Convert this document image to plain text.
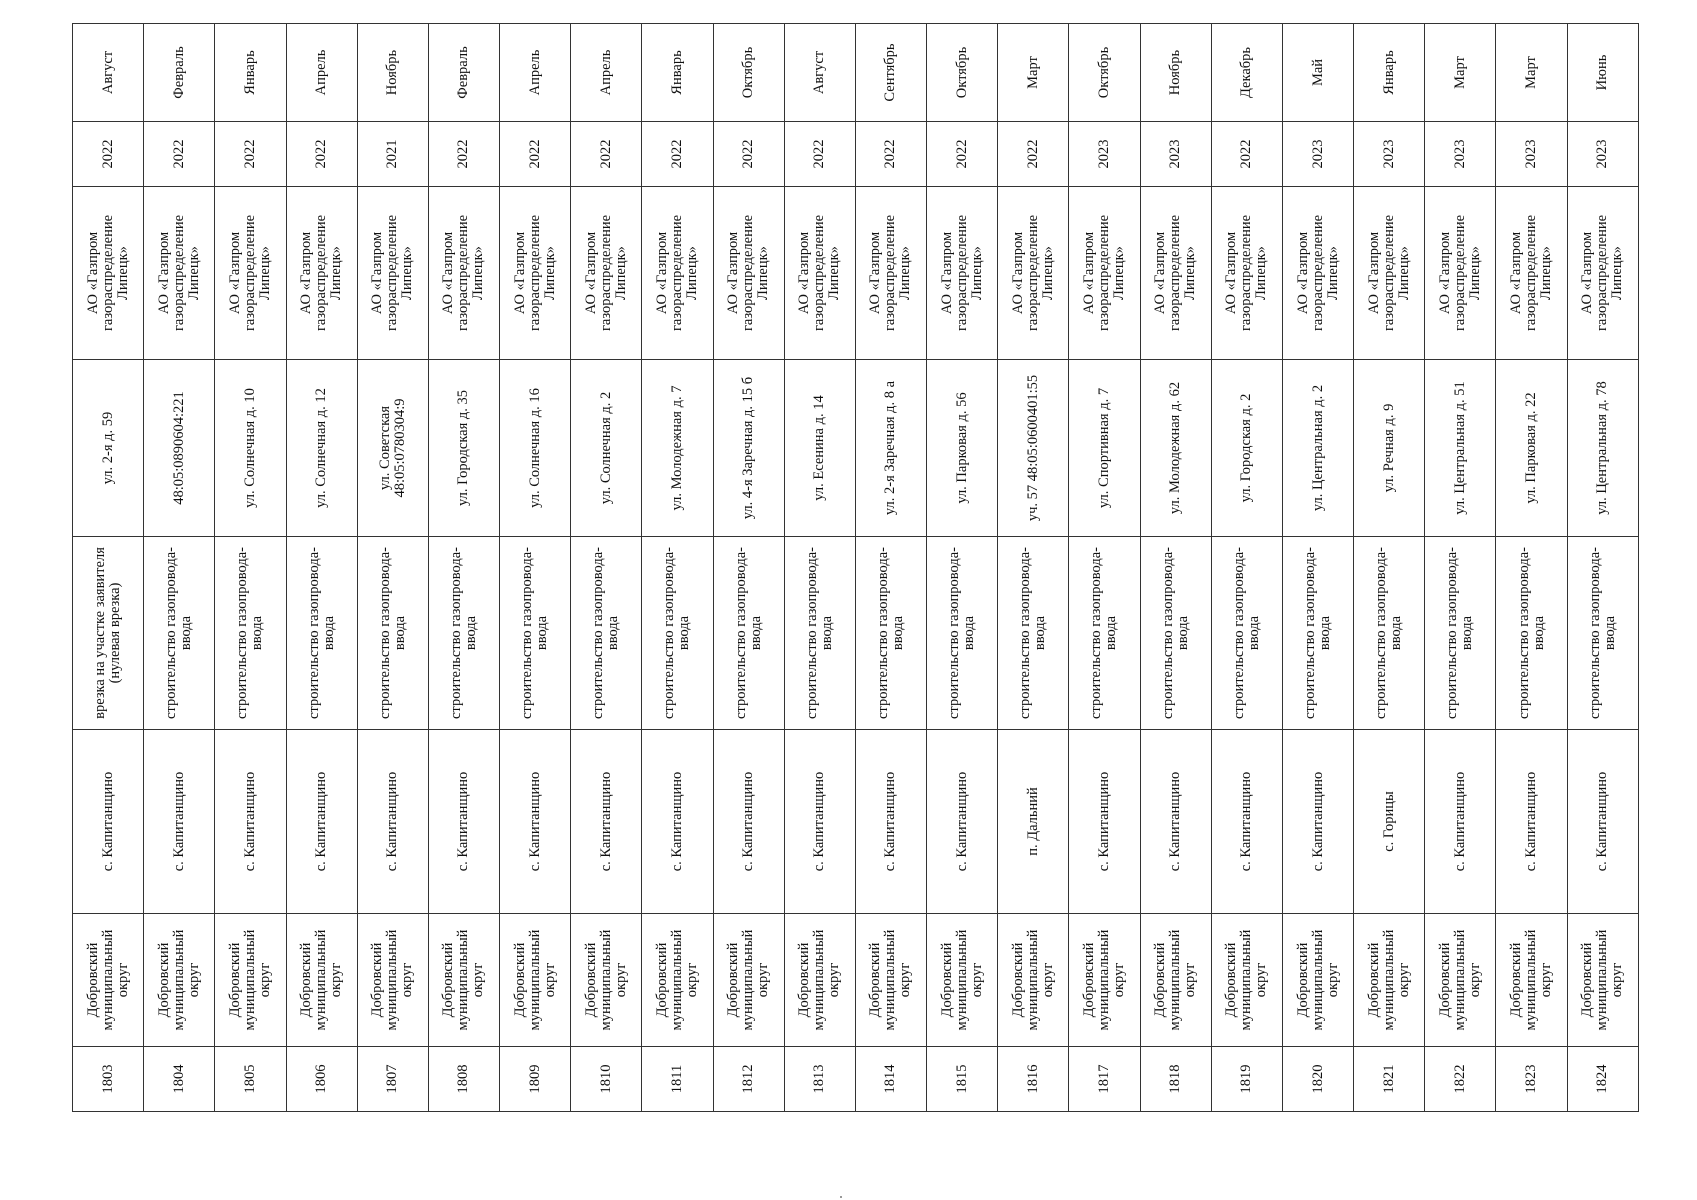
1803	Добровский муниципальный округ	с. Капитанщино	врезка на участке заявителя (нулевая врезка)	ул. 2-я д. 59	АО «Газпром газораспределение Липецк»	2022	Август
1804	Добровский муниципальный округ	с. Капитанщино	строительство газопровода-ввода	48:05:0890604:221	АО «Газпром газораспределение Липецк»	2022	Февраль
1805	Добровский муниципальный округ	с. Капитанщино	строительство газопровода-ввода	ул. Солнечная д. 10	АО «Газпром газораспределение Липецк»	2022	Январь
1806	Добровский муниципальный округ	с. Капитанщино	строительство газопровода-ввода	ул. Солнечная д. 12	АО «Газпром газораспределение Липецк»	2022	Апрель
1807	Добровский муниципальный округ	с. Капитанщино	строительство газопровода-ввода	ул. Советская 48:05:0780304:9	АО «Газпром газораспределение Липецк»	2021	Ноябрь
1808	Добровский муниципальный округ	с. Капитанщино	строительство газопровода-ввода	ул. Городская д. 35	АО «Газпром газораспределение Липецк»	2022	Февраль
1809	Добровский муниципальный округ	с. Капитанщино	строительство газопровода-ввода	ул. Солнечная д. 16	АО «Газпром газораспределение Липецк»	2022	Апрель
1810	Добровский муниципальный округ	с. Капитанщино	строительство газопровода-ввода	ул. Солнечная д. 2	АО «Газпром газораспределение Липецк»	2022	Апрель
1811	Добровский муниципальный округ	с. Капитанщино	строительство газопровода-ввода	ул. Молодежная д. 7	АО «Газпром газораспределение Липецк»	2022	Январь
1812	Добровский муниципальный округ	с. Капитанщино	строительство газопровода-ввода	ул. 4-я Заречная д. 15 б	АО «Газпром газораспределение Липецк»	2022	Октябрь
1813	Добровский муниципальный округ	с. Капитанщино	строительство газопровода-ввода	ул. Есенина д. 14	АО «Газпром газораспределение Липецк»	2022	Август
1814	Добровский муниципальный округ	с. Капитанщино	строительство газопровода-ввода	ул. 2-я Заречная д. 8 а	АО «Газпром газораспределение Липецк»	2022	Сентябрь
1815	Добровский муниципальный округ	с. Капитанщино	строительство газопровода-ввода	ул. Парковая д. 56	АО «Газпром газораспределение Липецк»	2022	Октябрь
1816	Добровский муниципальный округ	п. Дальний	строительство газопровода-ввода	уч. 57 48:05:0600401:55	АО «Газпром газораспределение Липецк»	2022	Март
1817	Добровский муниципальный округ	с. Капитанщино	строительство газопровода-ввода	ул. Спортивная д. 7	АО «Газпром газораспределение Липецк»	2023	Октябрь
1818	Добровский муниципальный округ	с. Капитанщино	строительство газопровода-ввода	ул. Молодежная д. 62	АО «Газпром газораспределение Липецк»	2023	Ноябрь
1819	Добровский муниципальный округ	с. Капитанщино	строительство газопровода-ввода	ул. Городская д. 2	АО «Газпром газораспределение Липецк»	2022	Декабрь
1820	Добровский муниципальный округ	с. Капитанщино	строительство газопровода-ввода	ул. Центральная д. 2	АО «Газпром газораспределение Липецк»	2023	Май
1821	Добровский муниципальный округ	с. Горицы	строительство газопровода-ввода	ул. Речная д. 9	АО «Газпром газораспределение Липецк»	2023	Январь
1822	Добровский муниципальный округ	с. Капитанщино	строительство газопровода-ввода	ул. Центральная д. 51	АО «Газпром газораспределение Липецк»	2023	Март
1823	Добровский муниципальный округ	с. Капитанщино	строительство газопровода-ввода	ул. Парковая д. 22	АО «Газпром газораспределение Липецк»	2023	Март
1824	Добровский муниципальный округ	с. Капитанщино	строительство газопровода-ввода	ул. Центральная д. 78	АО «Газпром газораспределение Липецк»	2023	Июнь
